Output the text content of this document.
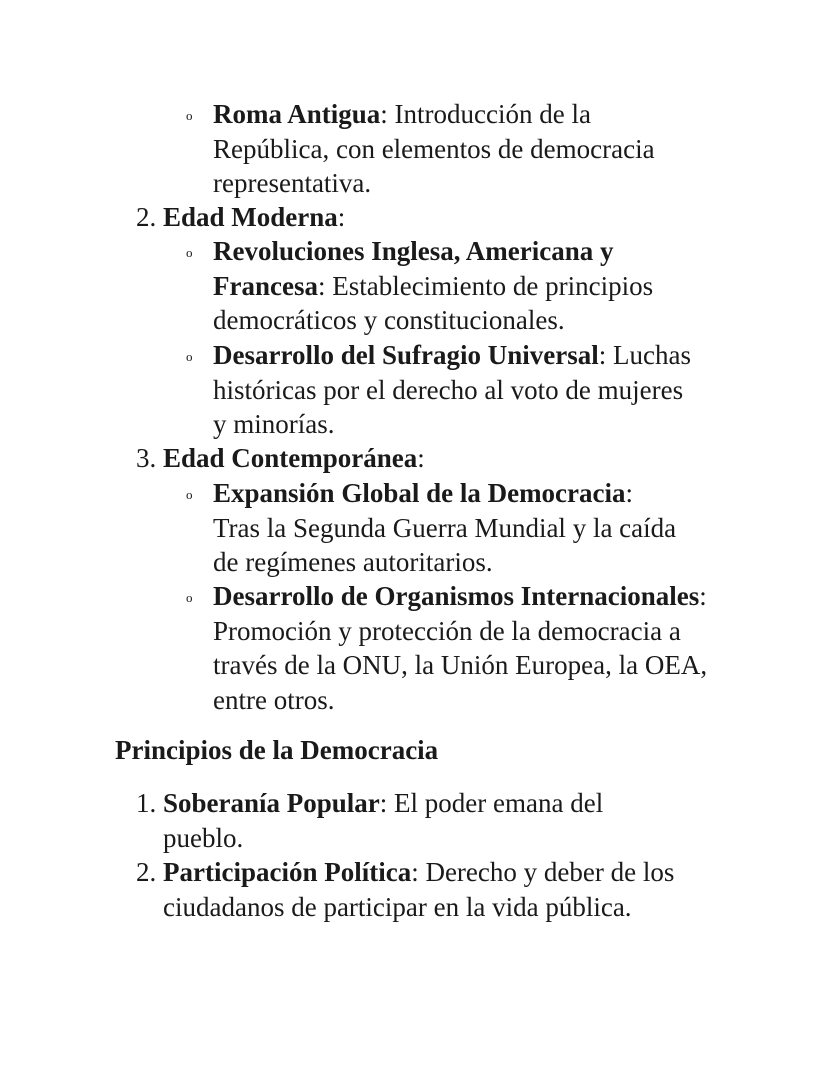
o Roma Antigua: Introducción de la República, con elementos de democracia representativa.
2. Edad Moderna:
o Revoluciones Inglesa, Americana y Francesa: Establecimiento de principios democráticos y constitucionales.
o Desarrollo del Sufragio Universal: Luchas históricas por el derecho al voto de mujeres y minorías.
3. Edad Contemporánea:
o Expansión Global de la Democracia: Tras la Segunda Guerra Mundial y la caída de regímenes autoritarios.
o Desarrollo de Organismos Internacionales: Promoción y protección de la democracia a través de la ONU, la Unión Europea, la OEA, entre otros.
Principios de la Democracia
1. Soberanía Popular: El poder emana del pueblo.
2. Participación Política: Derecho y deber de los ciudadanos de participar en la vida pública.
